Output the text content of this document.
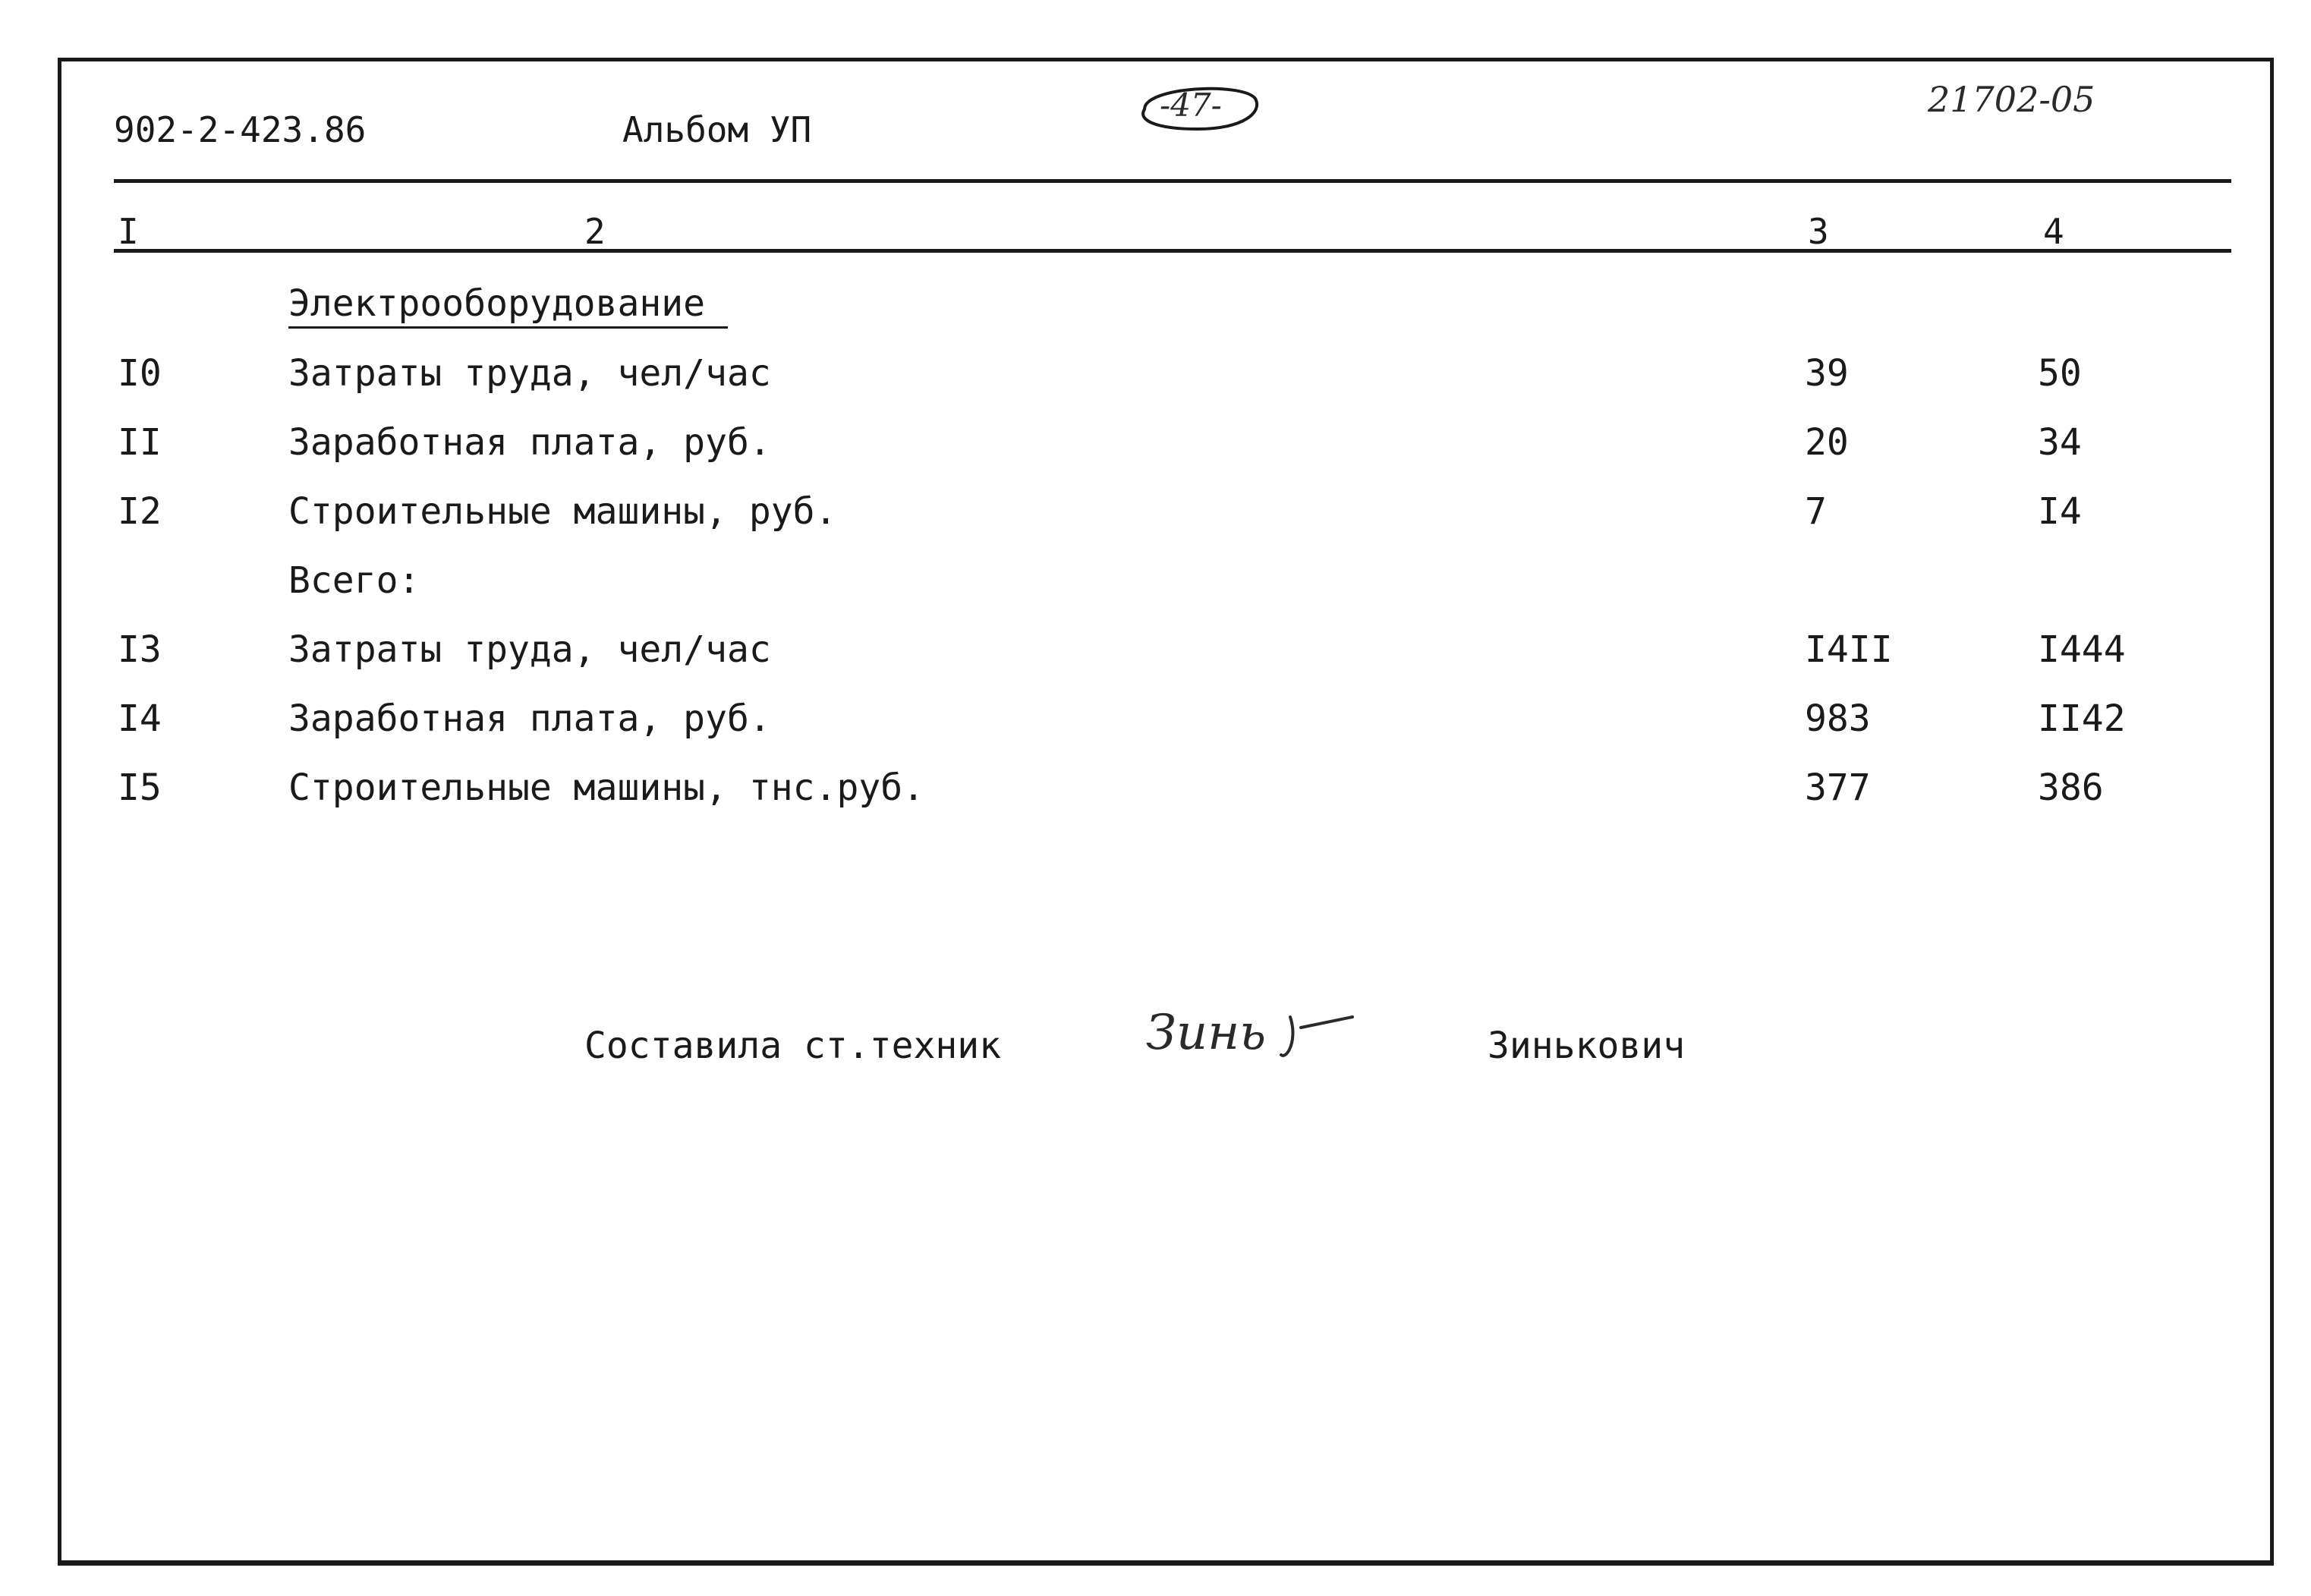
902-2-423.86	Альбом УП
-47-	21702-05
I	2	3	4
Электрооборудование
I0	Затраты труда, чел/час	39	50
II	Заработная плата, руб.	20	34
I2	Строительные машины, руб.	7	I4
Всего:
I3	Затраты труда, чел/час	I4II	I444
I4	Заработная плата, руб.	983	II42
I5	Строительные машины, тнс.руб.	377	386
Составила ст.техник	Зинь	Зинькович
